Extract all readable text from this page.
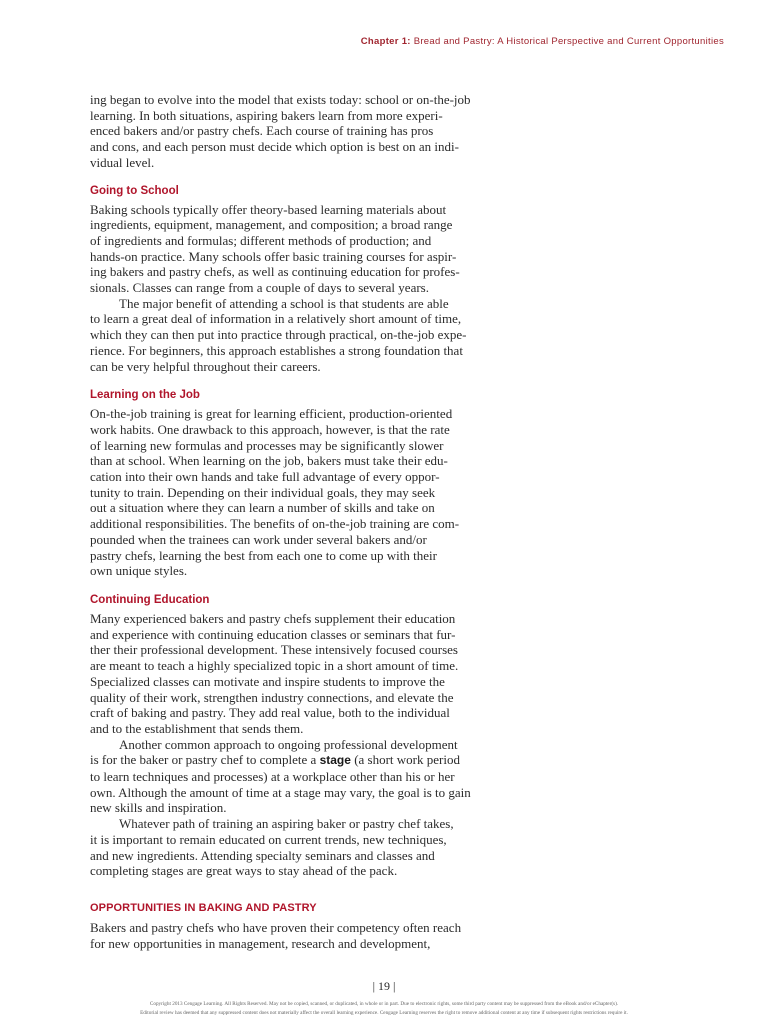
Chapter 1: Bread and Pastry: A Historical Perspective and Current Opportunities
ing began to evolve into the model that exists today: school or on-the-job
learning. In both situations, aspiring bakers learn from more experi-
enced bakers and/or pastry chefs. Each course of training has pros
and cons, and each person must decide which option is best on an indi-
vidual level.
Going to School
Baking schools typically offer theory-based learning materials about
ingredients, equipment, management, and composition; a broad range
of ingredients and formulas; different methods of production; and
hands-on practice. Many schools offer basic training courses for aspir-
ing bakers and pastry chefs, as well as continuing education for profes-
sionals. Classes can range from a couple of days to several years.
The major benefit of attending a school is that students are able
to learn a great deal of information in a relatively short amount of time,
which they can then put into practice through practical, on-the-job expe-
rience. For beginners, this approach establishes a strong foundation that
can be very helpful throughout their careers.
Learning on the Job
On-the-job training is great for learning efficient, production-oriented
work habits. One drawback to this approach, however, is that the rate
of learning new formulas and processes may be significantly slower
than at school. When learning on the job, bakers must take their edu-
cation into their own hands and take full advantage of every oppor-
tunity to train. Depending on their individual goals, they may seek
out a situation where they can learn a number of skills and take on
additional responsibilities. The benefits of on-the-job training are com-
pounded when the trainees can work under several bakers and/or
pastry chefs, learning the best from each one to come up with their
own unique styles.
Continuing Education
Many experienced bakers and pastry chefs supplement their education
and experience with continuing education classes or seminars that fur-
ther their professional development. These intensively focused courses
are meant to teach a highly specialized topic in a short amount of time.
Specialized classes can motivate and inspire students to improve the
quality of their work, strengthen industry connections, and elevate the
craft of baking and pastry. They add real value, both to the individual
and to the establishment that sends them.
Another common approach to ongoing professional development
is for the baker or pastry chef to complete a stage (a short work period
to learn techniques and processes) at a workplace other than his or her
own. Although the amount of time at a stage may vary, the goal is to gain
new skills and inspiration.
Whatever path of training an aspiring baker or pastry chef takes,
it is important to remain educated on current trends, new techniques,
and new ingredients. Attending specialty seminars and classes and
completing stages are great ways to stay ahead of the pack.
OPPORTUNITIES IN BAKING AND PASTRY
Bakers and pastry chefs who have proven their competency often reach
for new opportunities in management, research and development,
| 19 |
Copyright 2013 Cengage Learning. All Rights Reserved. May not be copied, scanned, or duplicated, in whole or in part. Due to electronic rights, some third party content may be suppressed from the eBook and/or eChapter(s).
Editorial review has deemed that any suppressed content does not materially affect the overall learning experience. Cengage Learning reserves the right to remove additional content at any time if subsequent rights restrictions require it.
